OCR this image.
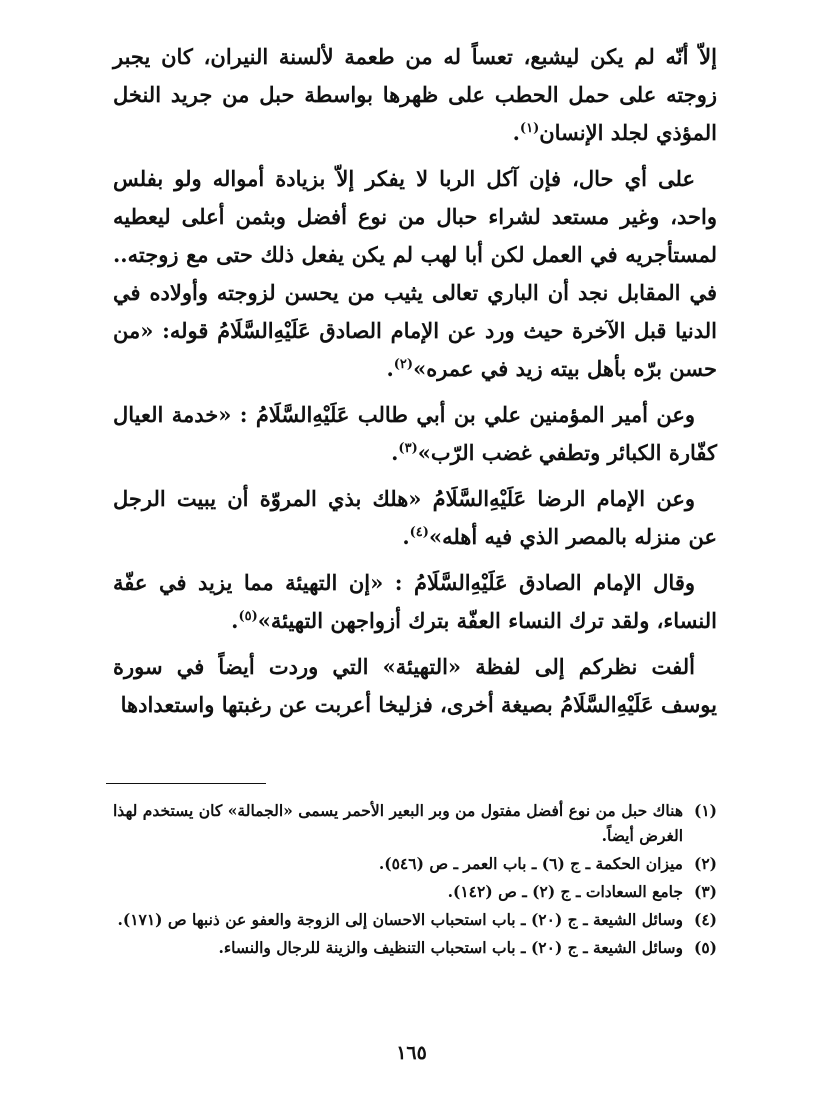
إلاّ أنّه لم يكن ليشبع، تعساً له من طعمة لألسنة النيران، كان يجبر زوجته على حمل الحطب على ظهرها بواسطة حبل من جريد النخل المؤذي لجلد الإنسان$^{(١)}$.

على أي حال، فإن آكل الربا لا يفكر إلاّ بزيادة أمواله ولو بفلس واحد، وغير مستعد لشراء حبال من نوع أفضل وبثمن أعلى ليعطيه لمستأجريه في العمل لكن أبا لهب لم يكن يفعل ذلك حتى مع زوجته.. في المقابل نجد أن الباري تعالى يثيب من يحسن لزوجته وأولاده في الدنيا قبل الآخرة حيث ورد عن الإمام الصادق عَلَيْهِ‌السَّلَامُ قوله: «من حسن برّه بأهل بيته زيد في عمره»$^{(٢)}$.

وعن أمير المؤمنين علي بن أبي طالب عَلَيْهِ‌السَّلَامُ : «خدمة العيال كفّارة الكبائر وتطفي غضب الرّب»$^{(٣)}$.

وعن الإمام الرضا عَلَيْهِ‌السَّلَامُ «هلك بذي المروّة أن يبيت الرجل عن منزله بالمصر الذي فيه أهله»$^{(٤)}$.

وقال الإمام الصادق عَلَيْهِ‌السَّلَامُ : «إن التهيئة مما يزيد في عفّة النساء، ولقد ترك النساء العفّة بترك أزواجهن التهيئة»$^{(٥)}$.

ألفت نظركم إلى لفظة «التهيئة» التي وردت أيضاً في سورة يوسف عَلَيْهِ‌السَّلَامُ بصيغة أخرى، فزليخا أعربت عن رغبتها واستعدادها

(١)
هناك حبل من نوع أفضل مفتول من وبر البعير الأحمر يسمى «الجمالة» كان يستخدم لهذا الغرض أيضاً.
(٢)
ميزان الحكمة ـ ج (٦) ـ باب العمر ـ ص (٥٤٦).
(٣)
جامع السعادات ـ ج (٢) ـ ص (١٤٢).
(٤)
وسائل الشيعة ـ ج (٢٠) ـ باب استحباب الاحسان إلى الزوجة والعفو عن ذنبها ص (١٧١).
(٥)
وسائل الشيعة ـ ج (٢٠) ـ باب استحباب التنظيف والزينة للرجال والنساء.
١٦٥
